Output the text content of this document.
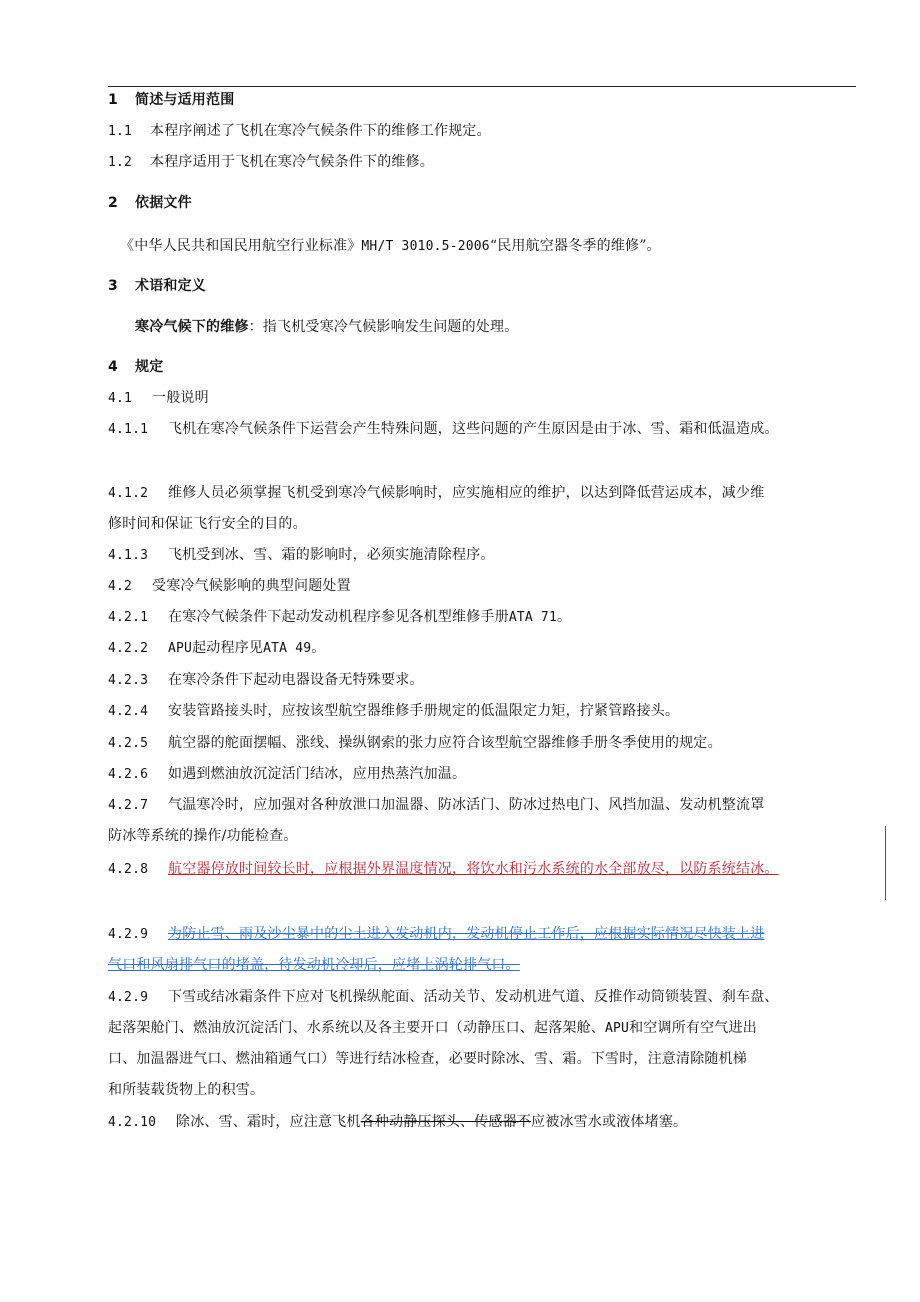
1 简述与适用范围
1.1 本程序阐述了飞机在寒冷气候条件下的维修工作规定。
1.2 本程序适用于飞机在寒冷气候条件下的维修。
2 依据文件
《中华人民共和国民用航空行业标准》MH/T 3010.5-2006“民用航空器冬季的维修”。
3 术语和定义
寒冷气候下的维修：指飞机受寒冷气候影响发生问题的处理。
4 规定
4.1 一般说明
4.1.1 飞机在寒冷气候条件下运营会产生特殊问题，这些问题的产生原因是由于冰、雪、霜和低温造成。
4.1.2 维修人员必须掌握飞机受到寒冷气候影响时，应实施相应的维护，以达到降低营运成本，减少维
修时间和保证飞行安全的目的。
4.1.3 飞机受到冰、雪、霜的影响时，必须实施清除程序。
4.2 受寒冷气候影响的典型问题处置
4.2.1 在寒冷气候条件下起动发动机程序参见各机型维修手册ATA 71。
4.2.2 APU起动程序见ATA 49。
4.2.3 在寒冷条件下起动电器设备无特殊要求。
4.2.4 安装管路接头时，应按该型航空器维修手册规定的低温限定力矩，拧紧管路接头。
4.2.5 航空器的舵面摆幅、涨线、操纵钢索的张力应符合该型航空器维修手册冬季使用的规定。
4.2.6 如遇到燃油放沉淀活门结冰，应用热蒸汽加温。
4.2.7 气温寒冷时，应加强对各种放泄口加温器、防冰活门、防冰过热电门、风挡加温、发动机整流罩
防冰等系统的操作/功能检查。
4.2.8 航空器停放时间较长时，应根据外界温度情况，将饮水和污水系统的水全部放尽，以防系统结冰。
4.2.9 为防止雪、雨及沙尘暴中的尘土进入发动机内，发动机停止工作后，应根据实际情况尽快装上进
气口和风扇排气口的堵盖，待发动机冷却后，应堵上涡轮排气口。
4.2.9 下雪或结冰霜条件下应对飞机操纵舵面、活动关节、发动机进气道、反推作动筒锁装置、刹车盘、
起落架舱门、燃油放沉淀活门、水系统以及各主要开口（动静压口、起落架舱、APU和空调所有空气进出
口、加温器进气口、燃油箱通气口）等进行结冰检查，必要时除冰、雪、霜。下雪时，注意清除随机梯
和所装载货物上的积雪。
4.2.10 除冰、雪、霜时，应注意飞机各种动静压探头、传感器不应被冰雪水或液体堵塞。
